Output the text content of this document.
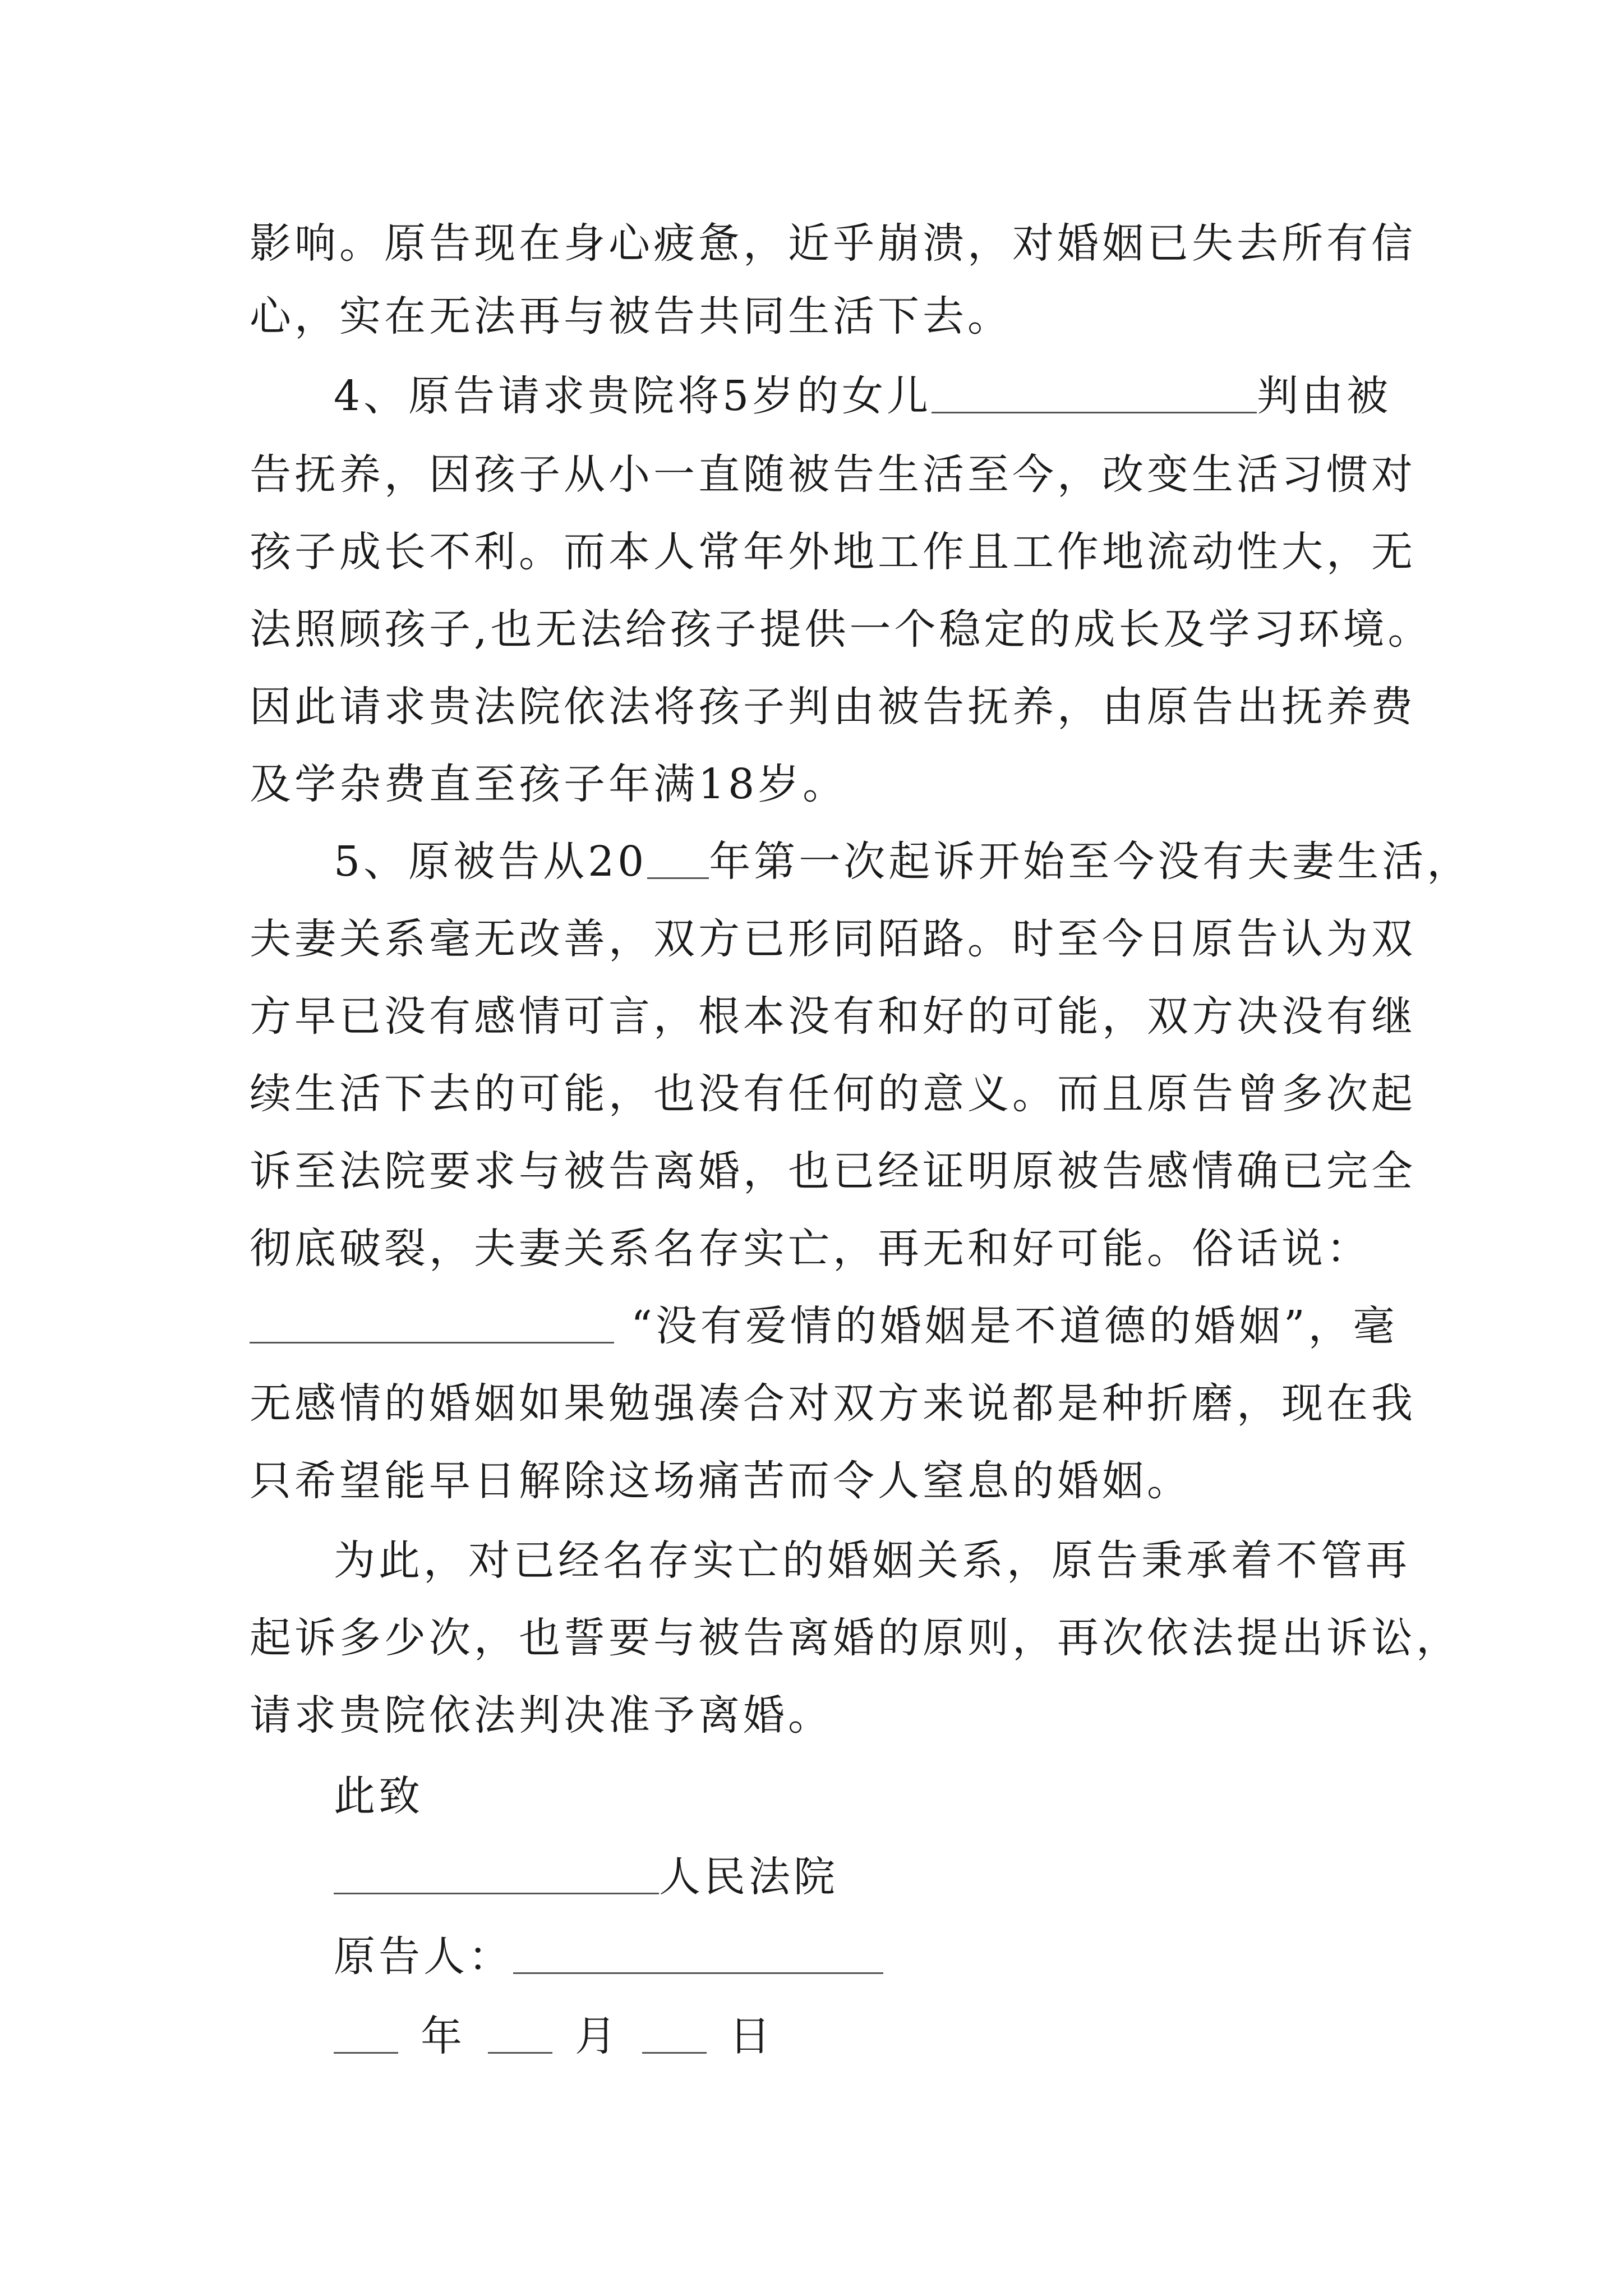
影响。原告现在身心疲惫，近乎崩溃，对婚姻已失去所有信
心，实在无法再与被告共同生活下去。
4、原告请求贵院将5岁的女儿	判由被
告抚养，因孩子从小一直随被告生活至今，改变生活习惯对
孩子成长不利。而本人常年外地工作且工作地流动性大，无
法照顾孩子,也无法给孩子提供一个稳定的成长及学习环境。
因此请求贵法院依法将孩子判由被告抚养，由原告出抚养费
及学杂费直至孩子年满18岁。
5、原被告从20 年第一次起诉开始至今没有夫妻生活，
夫妻关系毫无改善，双方已形同陌路。时至今日原告认为双
方早已没有感情可言，根本没有和好的可能，双方决没有继
续生活下去的可能，也没有任何的意义。而且原告曾多次起
诉至法院要求与被告离婚，也已经证明原被告感情确已完全
彻底破裂，夫妻关系名存实亡，再无和好可能。俗话说：
“没有爱情的婚姻是不道德的婚姻”，毫
无感情的婚姻如果勉强凑合对双方来说都是种折磨，现在我
只希望能早日解除这场痛苦而令人窒息的婚姻。
为此，对已经名存实亡的婚姻关系，原告秉承着不管再
起诉多少次，也誓要与被告离婚的原则，再次依法提出诉讼，
请求贵院依法判决准予离婚。
此致
人民法院
原告人：
年	月	日
